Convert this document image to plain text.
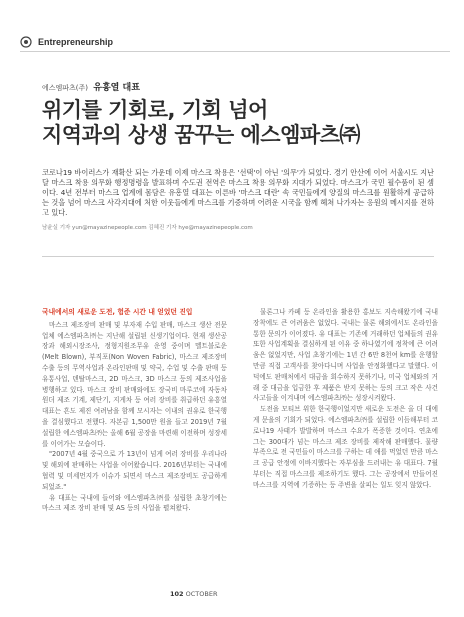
Entrepreneurship
에스엠파츠(주) 유흥열 대표
위기를 기회로, 기회 넘어
지역과의 상생 꿈꾸는 에스엠파츠㈜
코로나19 바이러스가 재확산 되는 가운데 이제 마스크 착용은 '선택'이 아닌 '의무'가 되었다. 경기 안산에 이어 서울시도 지난달 마스크 착용 의무화 행정명령을 발표하며 수도권 전역은 마스크 착용 의무화 지대가 되었다. 마스크가 국민 필수품이 된 셈이다. 4년 전부터 마스크 업계에 몸담은 유흥열 대표는 이른바 '마스크 대란' 속 국민들에게 양질의 마스크를 원활하게 공급하는 것을 넘어 마스크 사각지대에 처한 이웃들에게 마스크를 기증하며 어려운 시국을 함께 헤쳐 나가자는 응원의 메시지를 전하고 있다.
남윤실 기자 yun@mayazinepeople.com 김혜진 기자 hye@mayazinepeople.com
국내에서의 새로운 도전, 험준 시간 내 얻었던 진입

마스크 제조장비 판매 및 부자재 수입 판매, 마스크 생산 전문업체 에스엠파츠㈜는 지난해 설립된 신생기업이다. 현재 생산공장과 해외시장조사, 정형지원조무유 운영 중이며 멜트블로운(Melt Blown), 부직포(Non Woven Fabric), 마스크 제조장비 수출 등의 무역사업과 온라인판매 및 약국, 수업 및 수출 판매 등 유통사업, 덴탈마스크, 2D 마스크, 3D 마스크 등의 제조사업을 병행하고 있다. 마스크 장비 판매와에도 장국비 마루코에 자동차 원더 제조 기계, 제단기, 지게차 등 여러 장비를 취급하던 유흥열 대표는 흔도 제진 여려남을 함께 모시자는 이내의 권유로 한국행을 결심했다고 전했다. 자본금 1,500만 원을 들고 2019년 7월 설립한 에스엠파츠㈜는 올해 6월 공장을 마련해 이전하며 성장세를 이어가는 모습이다.

"2007년 4월 중국으로 가 13년이 넘게 여러 장비를 우리나라 및 해외에 판매하는 사업을 이어왔습니다. 2016년부터는 국내에 협력 및 미세먼지가 이슈가 되면서 마스크 제조장비도 공급하게 되었죠."

유 대표는 국내에 들어와 에스엠파츠㈜를 설립한 초창기에는 마스크 제조 장비 판매 및 AS 등의 사업을 펼쳐왔다.

물론그나 카페 등 온라인을 활용한 홍보도 지속해왔기에 국내 장착에도 큰 어려움은 없었다. 국내는 물론 해외에서도 온라인을 통한 문의가 이어졌다. 유 대표는 기존에 거래하던 업체들의 권유 또한 사업계획을 결심하게 된 이유 중 하나였기에 정착에 큰 어려움은 없었지만, 사업 초창기에는 1년 간 6만 8천여 km를 운행할 만큼 직접 고객사를 찾아다니며 사업을 안정화했다고 말했다. 이 덕에도 판매처에서 대금을 회수하지 못하기나, 미국 업체와의 거래 중 대금을 입금한 후 제품은 받지 못하는 등의 크고 작은 사건 사고들을 이겨내며 에스엠파츠㈜는 성장시켜왔다.

도전을 모티브 위한 한국행이었지만 새로운 도전은 올 더 대에게 문을의 기회가 되었다. 에스엠파츠㈜를 설립한 이듬해부터 코로나19 사태가 발발하며 마스크 수요가 폭증한 것이다. 연초에 그는 300대가 넘는 마스크 제조 장비를 제작해 판매했다. 물량 부족으로 전 국민들이 마스크를 구하는 데 애를 먹었던 만큼 마스크 공급 안정에 이바지했다는 자부심을 드러내는 유 대표다. 7월부터는 직접 마스크를 제조하기도 했다. 그는 공장에서 만들어진 마스크를 지역에 기증하는 등 주변을 살피는 일도 잊지 않았다.

102 OCTOBER
